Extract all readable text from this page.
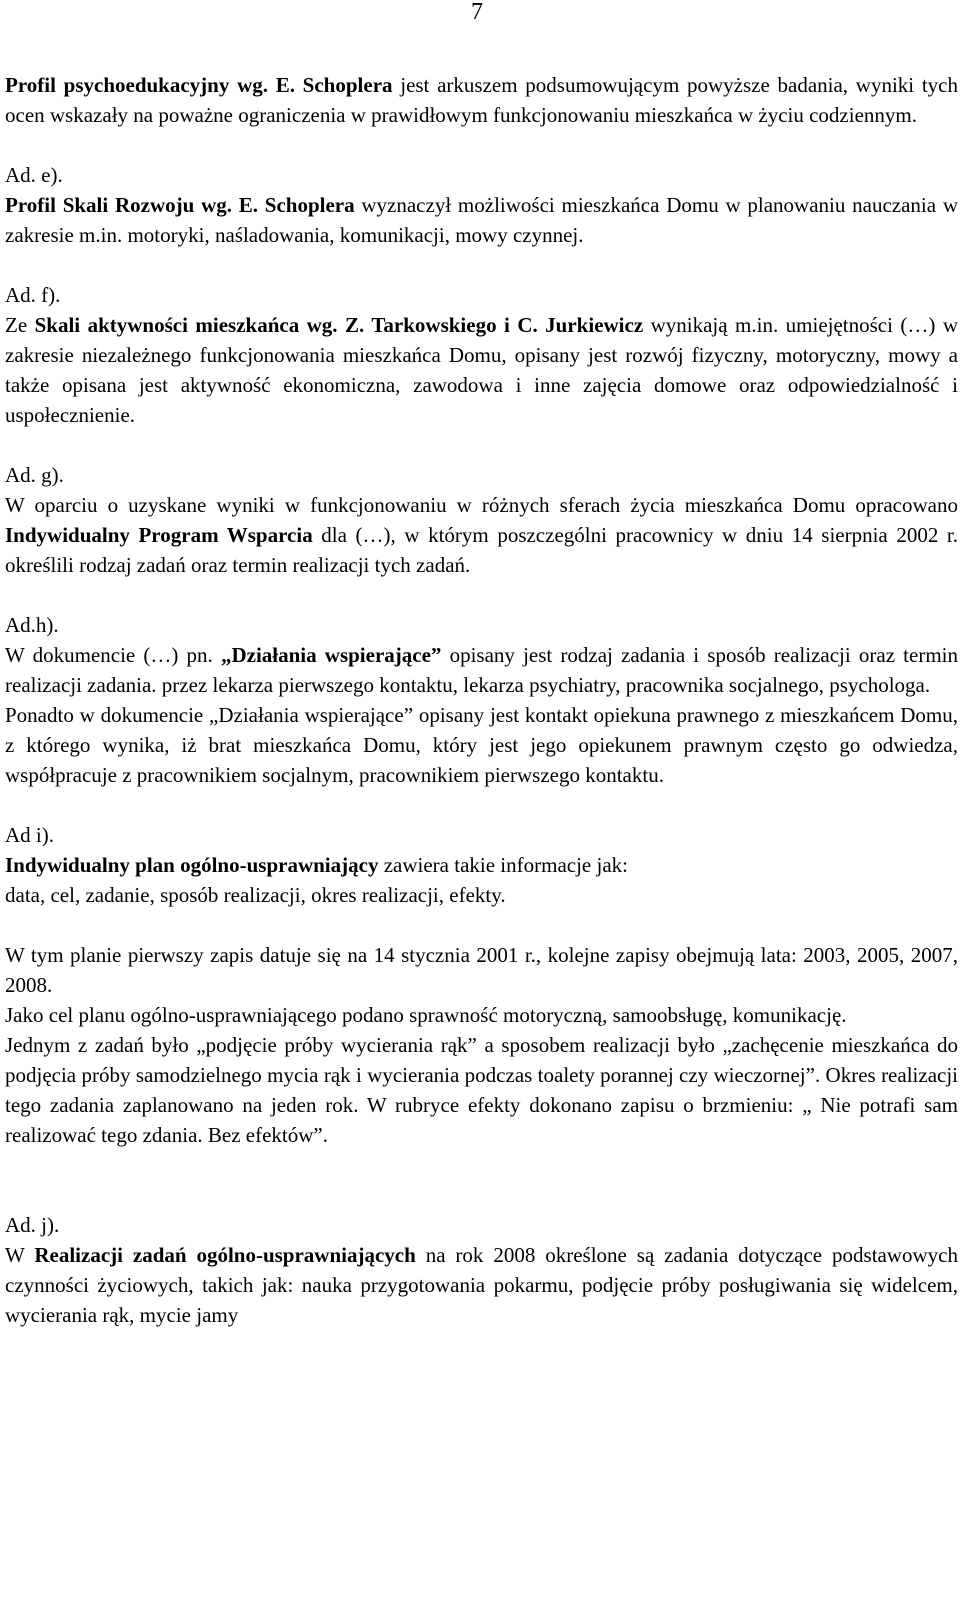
7

Profil psychoedukacyjny wg. E. Schoplera jest arkuszem podsumowującym powyższe badania, wyniki tych ocen wskazały na poważne ograniczenia w prawidłowym funkcjonowaniu mieszkańca w życiu codziennym.

Ad. e).

Profil Skali Rozwoju wg. E. Schoplera wyznaczył możliwości mieszkańca Domu w planowaniu nauczania w zakresie m.in. motoryki, naśladowania, komunikacji, mowy czynnej.

Ad. f).

Ze Skali aktywności mieszkańca wg. Z. Tarkowskiego i C. Jurkiewicz wynikają m.in. umiejętności (…) w zakresie niezależnego funkcjonowania mieszkańca Domu, opisany jest rozwój fizyczny, motoryczny, mowy a także opisana jest aktywność ekonomiczna, zawodowa i inne zajęcia domowe oraz odpowiedzialność i uspołecznienie.

Ad. g).

W oparciu o uzyskane wyniki w funkcjonowaniu w różnych sferach życia mieszkańca Domu opracowano Indywidualny Program Wsparcia dla (…), w którym poszczególni pracownicy w dniu 14 sierpnia 2002 r. określili rodzaj zadań oraz termin realizacji tych zadań.

Ad.h).

W dokumencie (…) pn. „Działania wspierające” opisany jest rodzaj zadania i sposób realizacji oraz termin realizacji zadania. przez lekarza pierwszego kontaktu, lekarza psychiatry, pracownika socjalnego, psychologa.

Ponadto w dokumencie „Działania wspierające” opisany jest kontakt opiekuna prawnego z mieszkańcem Domu, z którego wynika, iż brat mieszkańca Domu, który jest jego opiekunem prawnym często go odwiedza, współpracuje z pracownikiem socjalnym, pracownikiem pierwszego kontaktu.

Ad i).

Indywidualny plan ogólno-usprawniający zawiera takie informacje jak:

data, cel, zadanie, sposób realizacji, okres realizacji, efekty.

W tym planie pierwszy zapis datuje się na 14 stycznia 2001 r., kolejne zapisy obejmują lata: 2003, 2005, 2007, 2008.

Jako cel planu ogólno-usprawniającego podano sprawność motoryczną, samoobsługę, komunikację.

Jednym z zadań było „podjęcie próby wycierania rąk” a sposobem realizacji było „zachęcenie mieszkańca do podjęcia próby samodzielnego mycia rąk i wycierania podczas toalety porannej czy wieczornej”. Okres realizacji tego zadania zaplanowano na jeden rok. W rubryce efekty dokonano zapisu o brzmieniu: „ Nie potrafi sam realizować tego zdania. Bez efektów”.

Ad. j).

W Realizacji zadań ogólno-usprawniających na rok 2008 określone są zadania dotyczące podstawowych czynności życiowych, takich jak: nauka przygotowania pokarmu, podjęcie próby posługiwania się widelcem, wycierania rąk, mycie jamy
